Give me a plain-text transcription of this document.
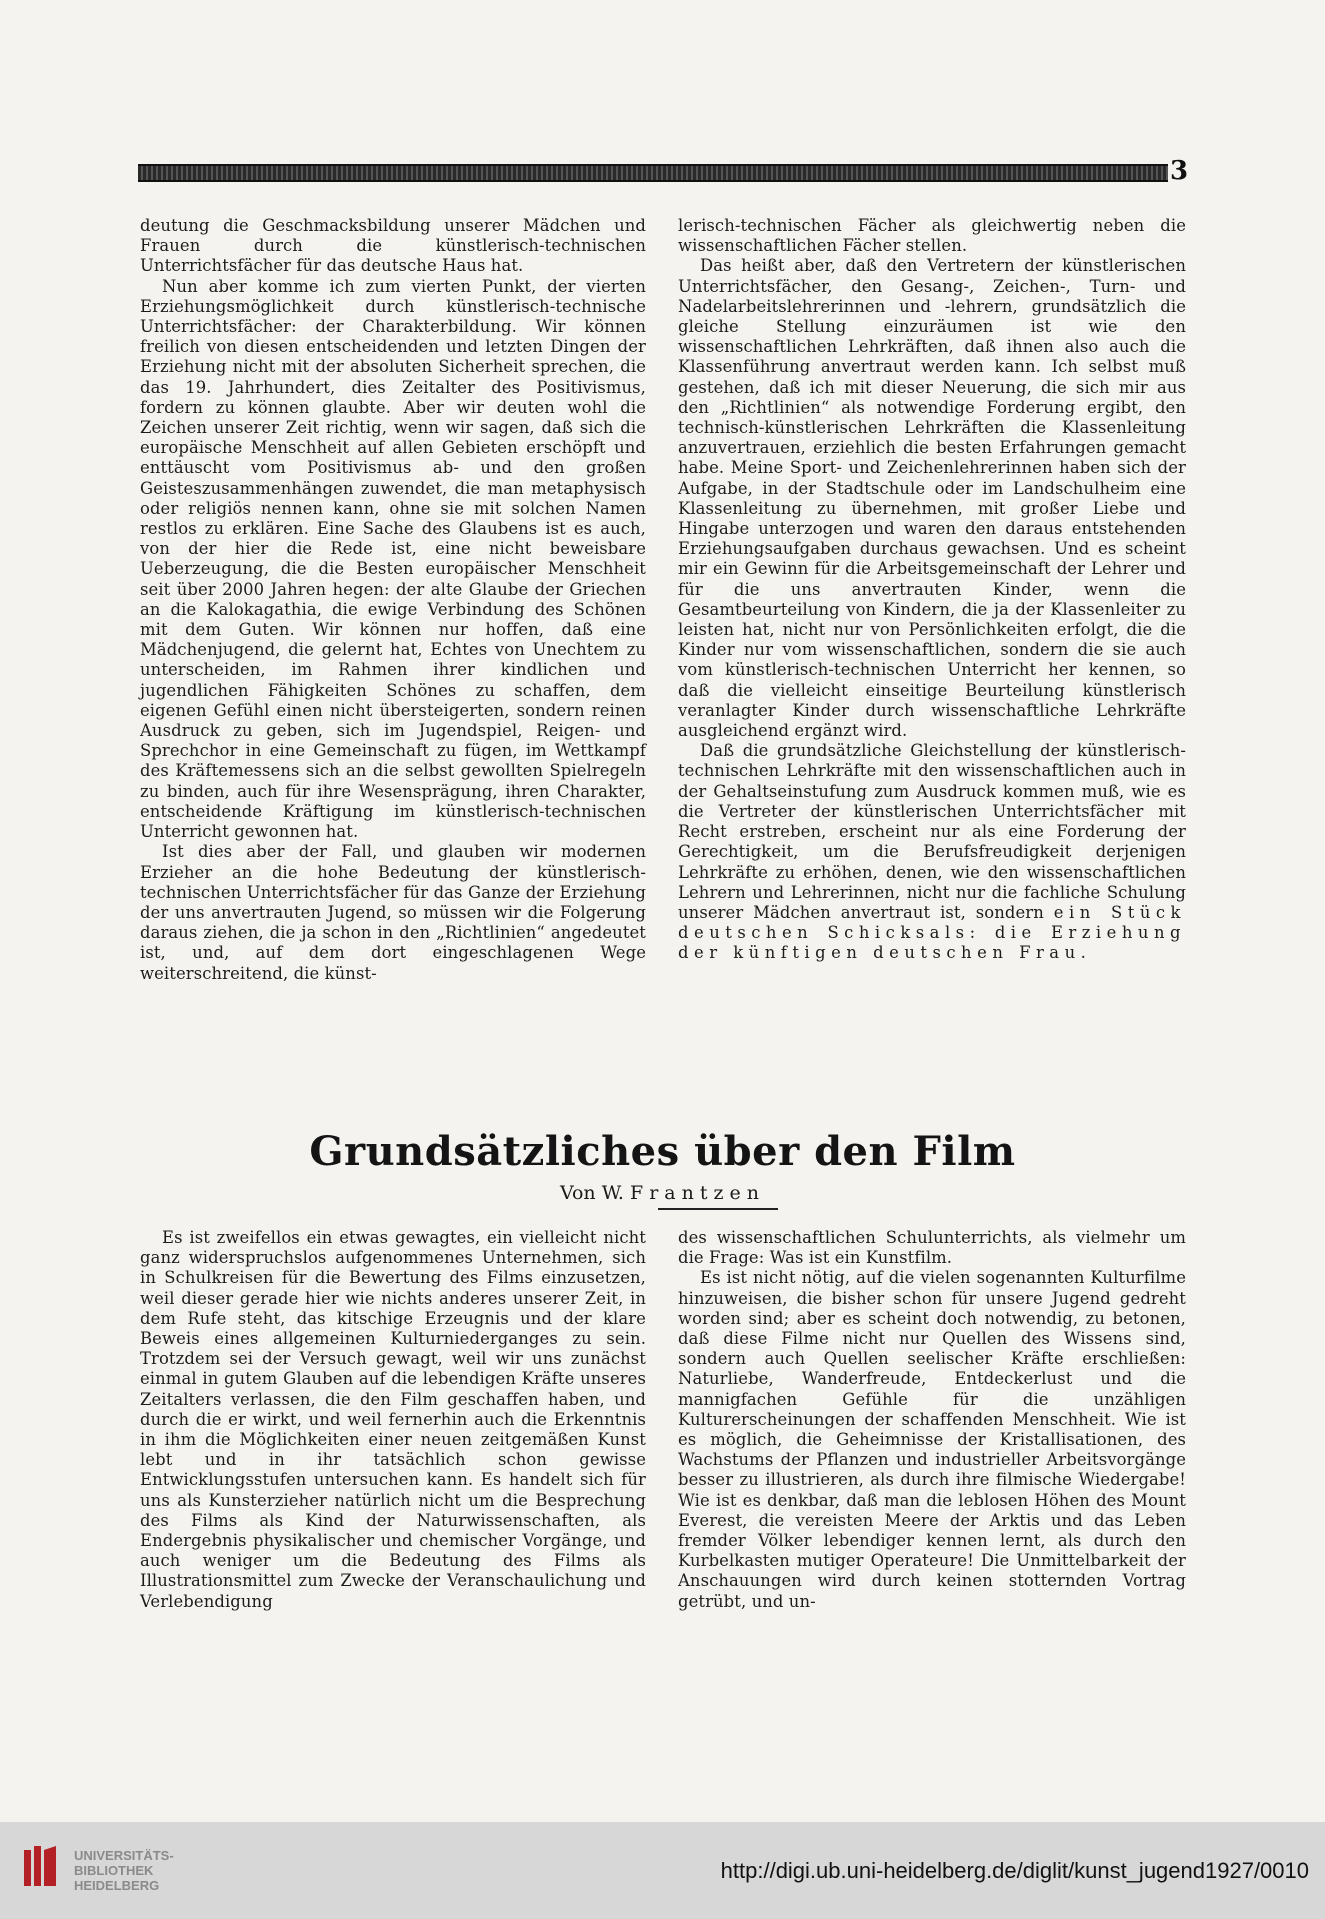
3

deutung die Geschmacksbildung unserer Mädchen und Frauen durch die künstlerisch-technischen Unterrichtsfächer für das deutsche Haus hat.

Nun aber komme ich zum vierten Punkt, der vierten Erziehungsmöglichkeit durch künstlerisch-technische Unterrichtsfächer: der Charakterbildung. Wir können freilich von diesen entscheidenden und letzten Dingen der Erziehung nicht mit der absoluten Sicherheit sprechen, die das 19. Jahrhundert, dies Zeitalter des Positivismus, fordern zu können glaubte. Aber wir deuten wohl die Zeichen unserer Zeit richtig, wenn wir sagen, daß sich die europäische Menschheit auf allen Gebieten erschöpft und enttäuscht vom Positivismus ab- und den großen Geisteszusammenhängen zuwendet, die man metaphysisch oder religiös nennen kann, ohne sie mit solchen Namen restlos zu erklären. Eine Sache des Glaubens ist es auch, von der hier die Rede ist, eine nicht beweisbare Ueberzeugung, die die Besten europäischer Menschheit seit über 2000 Jahren hegen: der alte Glaube der Griechen an die Kalokagathia, die ewige Verbindung des Schönen mit dem Guten. Wir können nur hoffen, daß eine Mädchenjugend, die gelernt hat, Echtes von Unechtem zu unterscheiden, im Rahmen ihrer kindlichen und jugendlichen Fähigkeiten Schönes zu schaffen, dem eigenen Gefühl einen nicht übersteigerten, sondern reinen Ausdruck zu geben, sich im Jugendspiel, Reigen- und Sprechchor in eine Gemeinschaft zu fügen, im Wettkampf des Kräftemessens sich an die selbst gewollten Spielregeln zu binden, auch für ihre Wesensprägung, ihren Charakter, entscheidende Kräftigung im künstlerisch-technischen Unterricht gewonnen hat.

Ist dies aber der Fall, und glauben wir modernen Erzieher an die hohe Bedeutung der künstlerisch-technischen Unterrichtsfächer für das Ganze der Erziehung der uns anvertrauten Jugend, so müssen wir die Folgerung daraus ziehen, die ja schon in den „Richtlinien“ angedeutet ist, und, auf dem dort eingeschlagenen Wege weiterschreitend, die künst-

lerisch-technischen Fächer als gleichwertig neben die wissenschaftlichen Fächer stellen.

Das heißt aber, daß den Vertretern der künstlerischen Unterrichtsfächer, den Gesang-, Zeichen-, Turn- und Nadelarbeitslehrerinnen und -lehrern, grundsätzlich die gleiche Stellung einzuräumen ist wie den wissenschaftlichen Lehrkräften, daß ihnen also auch die Klassenführung anvertraut werden kann. Ich selbst muß gestehen, daß ich mit dieser Neuerung, die sich mir aus den „Richtlinien“ als notwendige Forderung ergibt, den technisch-künstlerischen Lehrkräften die Klassenleitung anzuvertrauen, erziehlich die besten Erfahrungen gemacht habe. Meine Sport- und Zeichenlehrerinnen haben sich der Aufgabe, in der Stadtschule oder im Landschulheim eine Klassenleitung zu übernehmen, mit großer Liebe und Hingabe unterzogen und waren den daraus entstehenden Erziehungsaufgaben durchaus gewachsen. Und es scheint mir ein Gewinn für die Arbeitsgemeinschaft der Lehrer und für die uns anvertrauten Kinder, wenn die Gesamtbeurteilung von Kindern, die ja der Klassenleiter zu leisten hat, nicht nur von Persönlichkeiten erfolgt, die die Kinder nur vom wissenschaftlichen, sondern die sie auch vom künstlerisch-technischen Unterricht her kennen, so daß die vielleicht einseitige Beurteilung künstlerisch veranlagter Kinder durch wissenschaftliche Lehrkräfte ausgleichend ergänzt wird.

Daß die grundsätzliche Gleichstellung der künstlerisch-technischen Lehrkräfte mit den wissenschaftlichen auch in der Gehaltseinstufung zum Ausdruck kommen muß, wie es die Vertreter der künstlerischen Unterrichtsfächer mit Recht erstreben, erscheint nur als eine Forderung der Gerechtigkeit, um die Berufsfreudigkeit derjenigen Lehrkräfte zu erhöhen, denen, wie den wissenschaftlichen Lehrern und Lehrerinnen, nicht nur die fachliche Schulung unserer Mädchen anvertraut ist, sondern ein Stück deutschen Schicksals: die Erziehung der künftigen deutschen Frau.

Grundsätzliches über den Film
Von W. Frantzen

Es ist zweifellos ein etwas gewagtes, ein vielleicht nicht ganz widerspruchslos aufgenommenes Unternehmen, sich in Schulkreisen für die Bewertung des Films einzusetzen, weil dieser gerade hier wie nichts anderes unserer Zeit, in dem Rufe steht, das kitschige Erzeugnis und der klare Beweis eines allgemeinen Kulturniederganges zu sein. Trotzdem sei der Versuch gewagt, weil wir uns zunächst einmal in gutem Glauben auf die lebendigen Kräfte unseres Zeitalters verlassen, die den Film geschaffen haben, und durch die er wirkt, und weil fernerhin auch die Erkenntnis in ihm die Möglichkeiten einer neuen zeitgemäßen Kunst lebt und in ihr tatsächlich schon gewisse Entwicklungsstufen untersuchen kann. Es handelt sich für uns als Kunsterzieher natürlich nicht um die Besprechung des Films als Kind der Naturwissenschaften, als Endergebnis physikalischer und chemischer Vorgänge, und auch weniger um die Bedeutung des Films als Illustrationsmittel zum Zwecke der Veranschaulichung und Verlebendigung

des wissenschaftlichen Schulunterrichts, als vielmehr um die Frage: Was ist ein Kunstfilm.

Es ist nicht nötig, auf die vielen sogenannten Kulturfilme hinzuweisen, die bisher schon für unsere Jugend gedreht worden sind; aber es scheint doch notwendig, zu betonen, daß diese Filme nicht nur Quellen des Wissens sind, sondern auch Quellen seelischer Kräfte erschließen: Naturliebe, Wanderfreude, Entdeckerlust und die mannigfachen Gefühle für die unzähligen Kulturerscheinungen der schaffenden Menschheit. Wie ist es möglich, die Geheimnisse der Kristallisationen, des Wachstums der Pflanzen und industrieller Arbeitsvorgänge besser zu illustrieren, als durch ihre filmische Wiedergabe! Wie ist es denkbar, daß man die leblosen Höhen des Mount Everest, die vereisten Meere der Arktis und das Leben fremder Völker lebendiger kennen lernt, als durch den Kurbelkasten mutiger Operateure! Die Unmittelbarkeit der Anschauungen wird durch keinen stotternden Vortrag getrübt, und un-

UNIVERSITÄTS-
BIBLIOTHEK
HEIDELBERG
http://digi.ub.uni-heidelberg.de/diglit/kunst_jugend1927/0010
